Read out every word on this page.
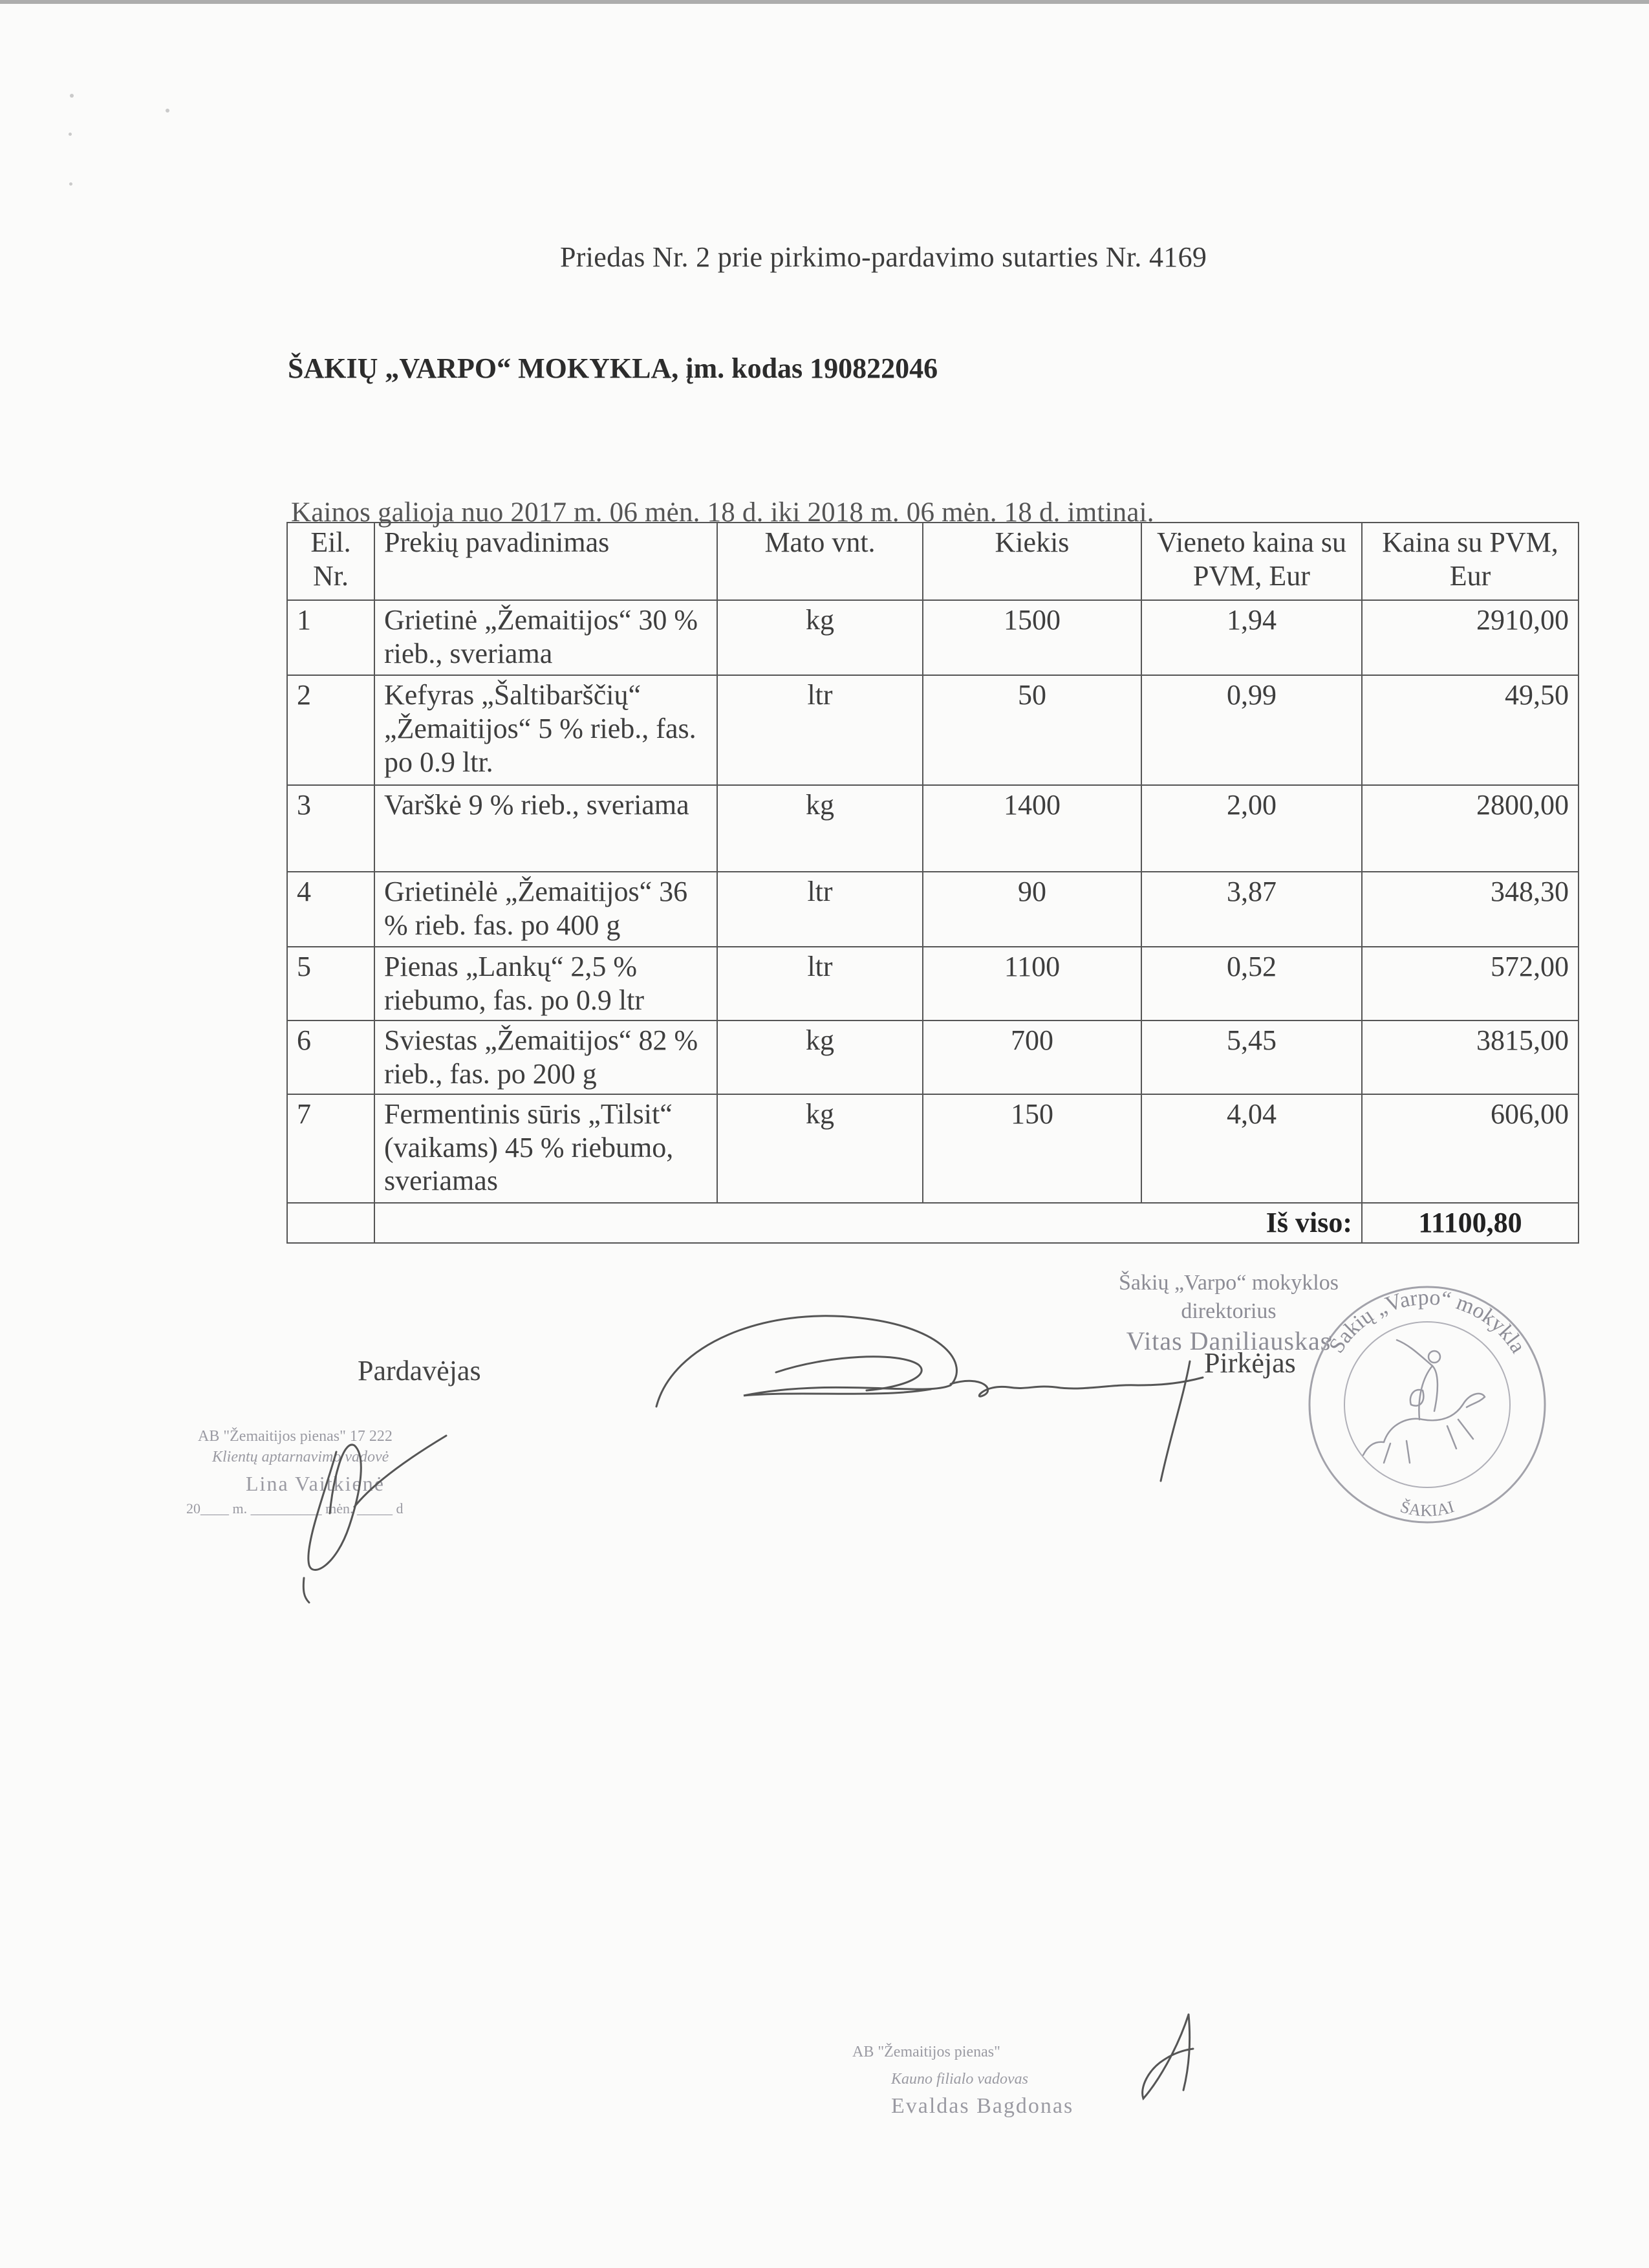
Priedas Nr. 2 prie pirkimo-pardavimo sutarties Nr. 4169
ŠAKIŲ „VARPO“ MOKYKLA, įm. kodas 190822046
Kainos galioja nuo 2017 m. 06 mėn. 18 d. iki 2018 m. 06 mėn. 18 d. imtinai.
Eil. Nr.	Prekių pavadinimas	Mato vnt.	Kiekis	Vieneto kaina su PVM, Eur	Kaina su PVM, Eur
1	Grietinė „Žemaitijos“ 30 % rieb., sveriama	kg	1500	1,94	2910,00
2	Kefyras „Šaltibarščių“ „Žemaitijos“ 5 % rieb., fas. po 0.9 ltr.	ltr	50	0,99	49,50
3	Varškė 9 % rieb., sveriama	kg	1400	2,00	2800,00
4	Grietinėlė „Žemaitijos“ 36 % rieb. fas. po 400 g	ltr	90	3,87	348,30
5	Pienas „Lankų“ 2,5 % riebumo, fas. po 0.9 ltr	ltr	1100	0,52	572,00
6	Sviestas „Žemaitijos“ 82 % rieb., fas. po 200 g	kg	700	5,45	3815,00
7	Fermentinis sūris „Tilsit“ (vaikams) 45 % riebumo, sveriamas	kg	150	4,04	606,00
	Iš viso:				11100,80
Šakių „Varpo“ mokyklos
direktorius
Vitas Daniliauskas
Pardavėjas	Pirkėjas
AB "Žemaitijos pienas" 17 222
Klientų aptarnavimo vadovė
Lina Vaitkienė
20____ m. __________ mėn. _____ d
AB "Žemaitijos pienas"
Kauno filialo vadovas
Evaldas Bagdonas
Šakių „Varpo“ mokykla
ŠAKIAI
